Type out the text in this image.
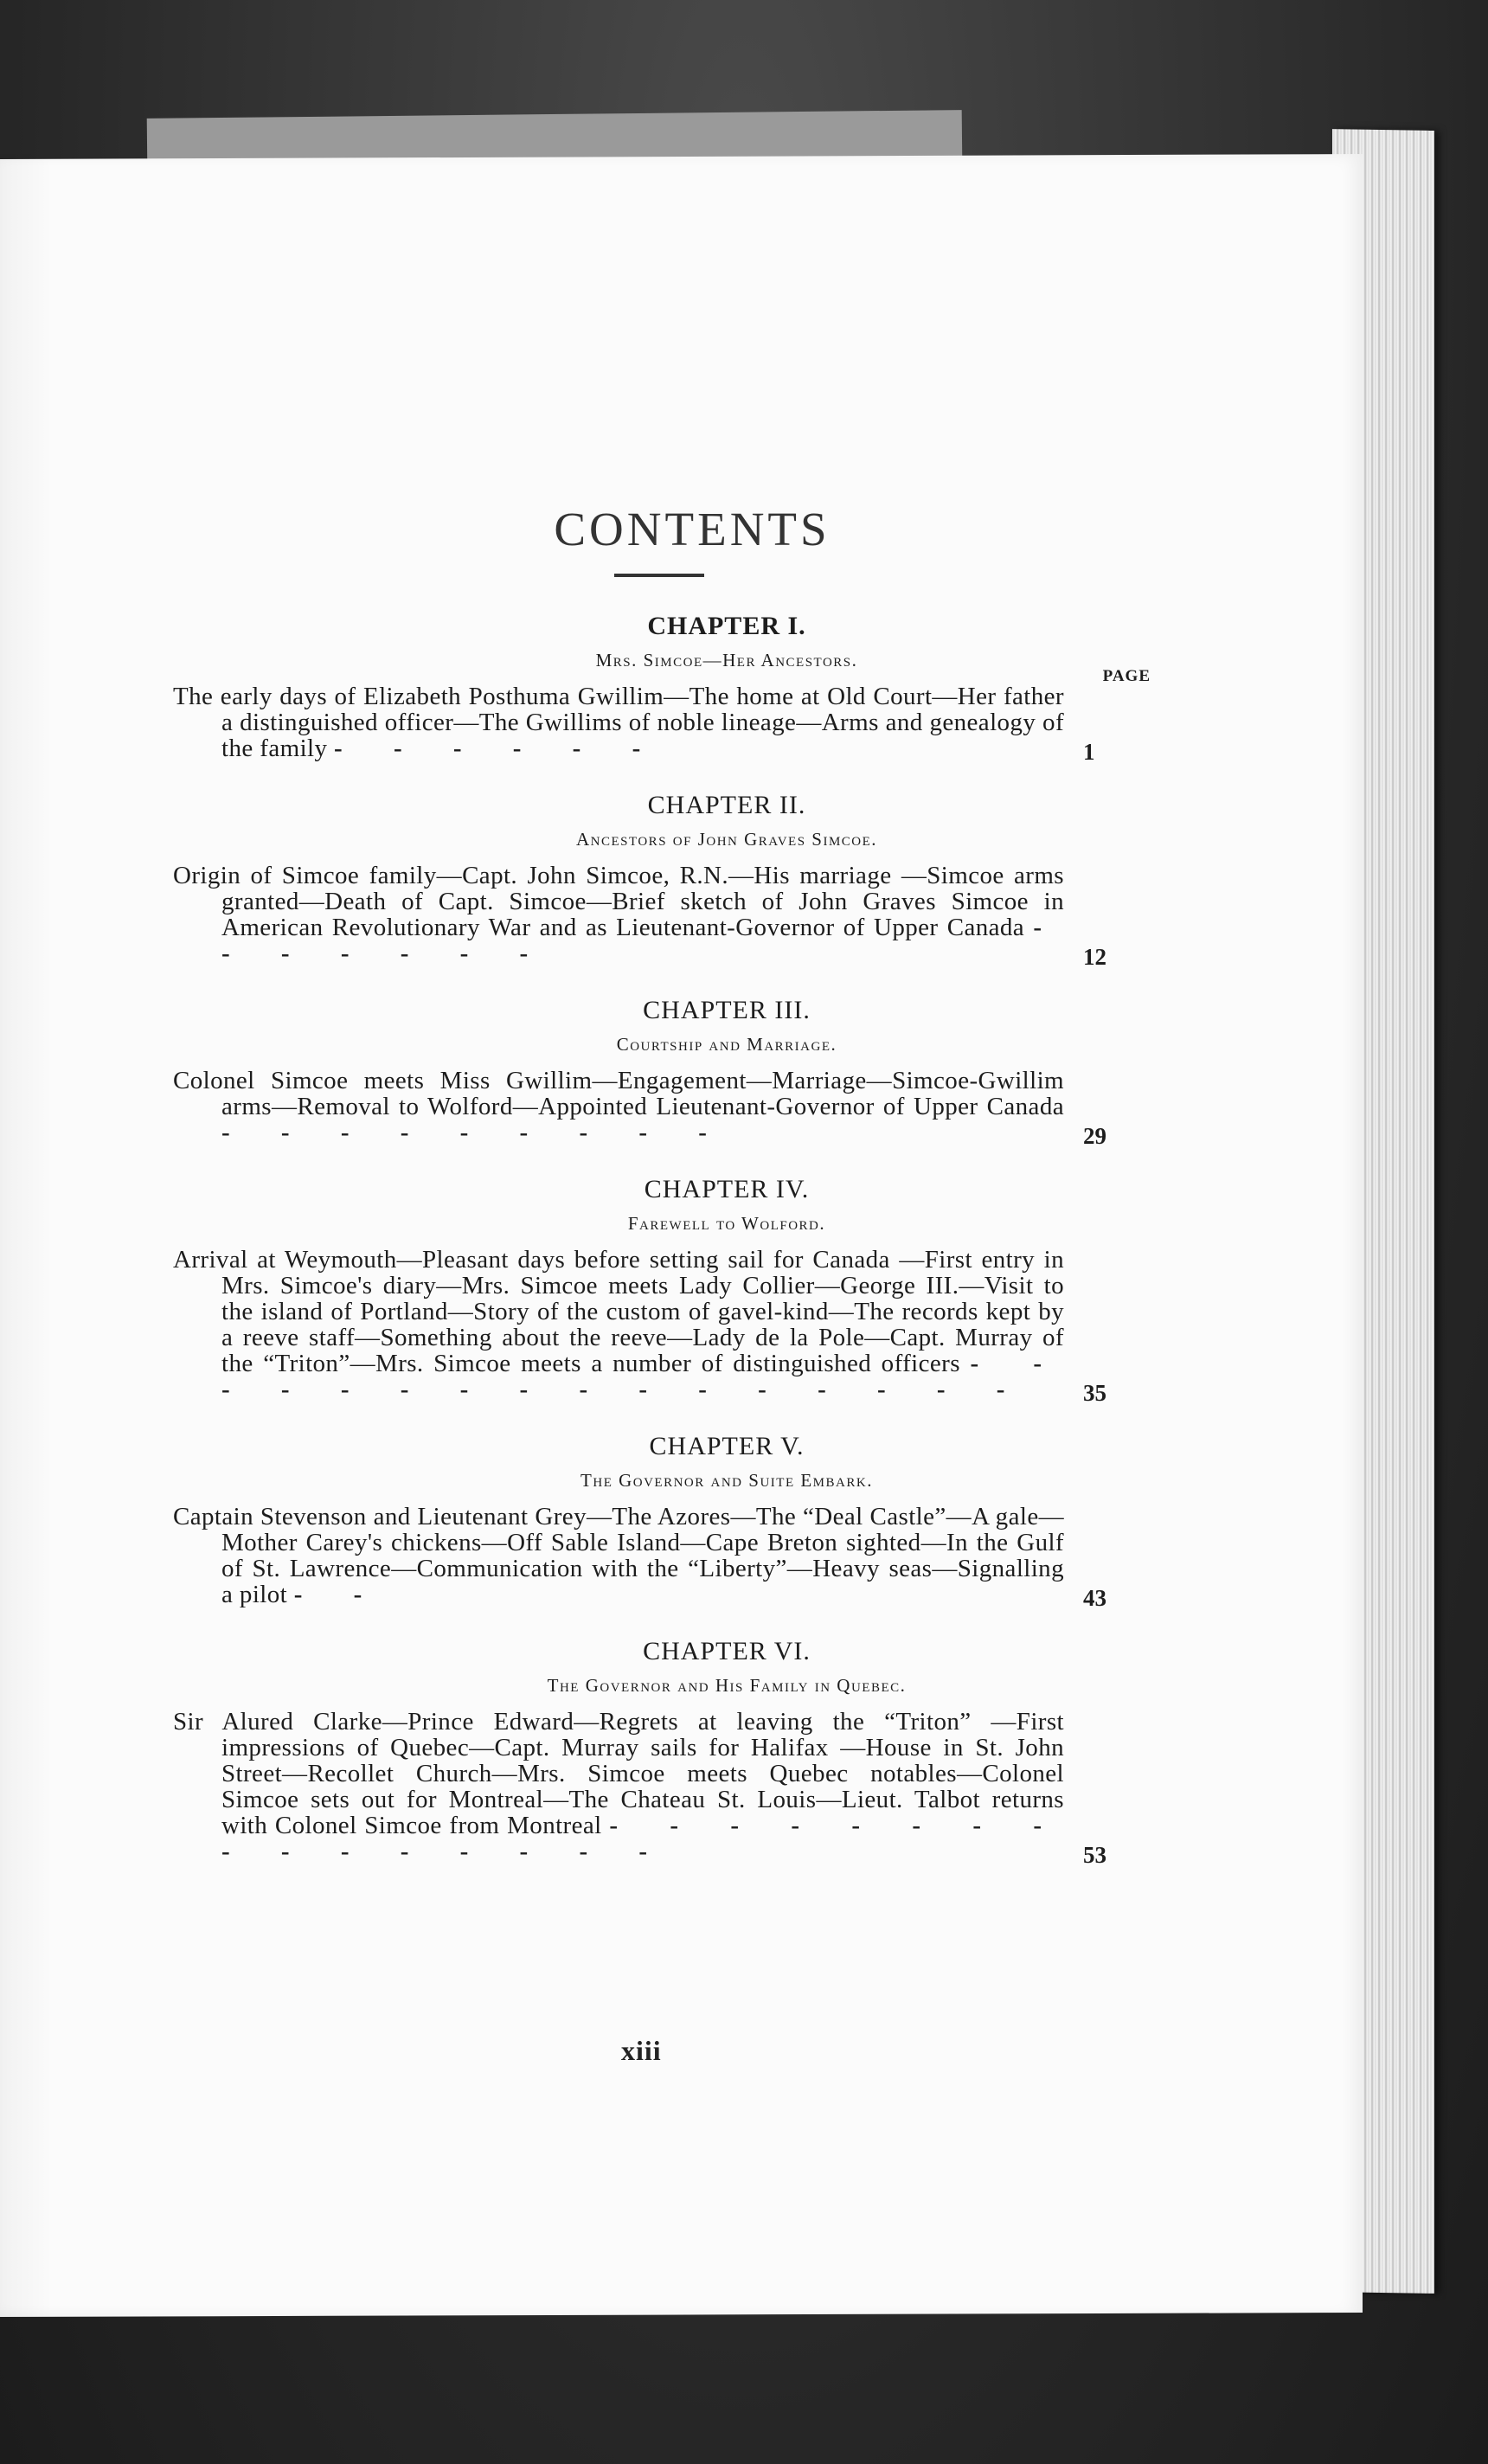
CONTENTS
CHAPTER I.
Mrs. Simcoe—Her Ancestors.
PAGE
The early days of Elizabeth Posthuma Gwillim—The home at Old Court—Her father a distinguished officer—The Gwillims of noble lineage—Arms and genealogy of the family - - - - - -	1
CHAPTER II.
Ancestors of John Graves Simcoe.
Origin of Simcoe family—Capt. John Simcoe, R.N.—His marriage —Simcoe arms granted—Death of Capt. Simcoe—Brief sketch of John Graves Simcoe in American Revolutionary War and as Lieutenant-Governor of Upper Canada - - - - - - -	12
CHAPTER III.
Courtship and Marriage.
Colonel Simcoe meets Miss Gwillim—Engagement—Marriage—Simcoe-Gwillim arms—Removal to Wolford—Appointed Lieutenant-Governor of Upper Canada - - - - - - - - -	29
CHAPTER IV.
Farewell to Wolford.
Arrival at Weymouth—Pleasant days before setting sail for Canada —First entry in Mrs. Simcoe's diary—Mrs. Simcoe meets Lady Collier—George III.—Visit to the island of Portland—Story of the custom of gavel-kind—The records kept by a reeve staff—Something about the reeve—Lady de la Pole—Capt. Murray of the “Triton”—Mrs. Simcoe meets a number of distinguished officers - - - - - - - - - - - - - - - -	35
CHAPTER V.
The Governor and Suite Embark.
Captain Stevenson and Lieutenant Grey—The Azores—The “Deal Castle”—A gale—Mother Carey's chickens—Off Sable Island—Cape Breton sighted—In the Gulf of St. Lawrence—Communication with the “Liberty”—Heavy seas—Signalling a pilot - -	43
CHAPTER VI.
The Governor and His Family in Quebec.
Sir Alured Clarke—Prince Edward—Regrets at leaving the “Triton” —First impressions of Quebec—Capt. Murray sails for Halifax —House in St. John Street—Recollet Church—Mrs. Simcoe meets Quebec notables—Colonel Simcoe sets out for Montreal—The Chateau St. Louis—Lieut. Talbot returns with Colonel Simcoe from Montreal - - - - - - - - - - - - - - - -	53
xiii
